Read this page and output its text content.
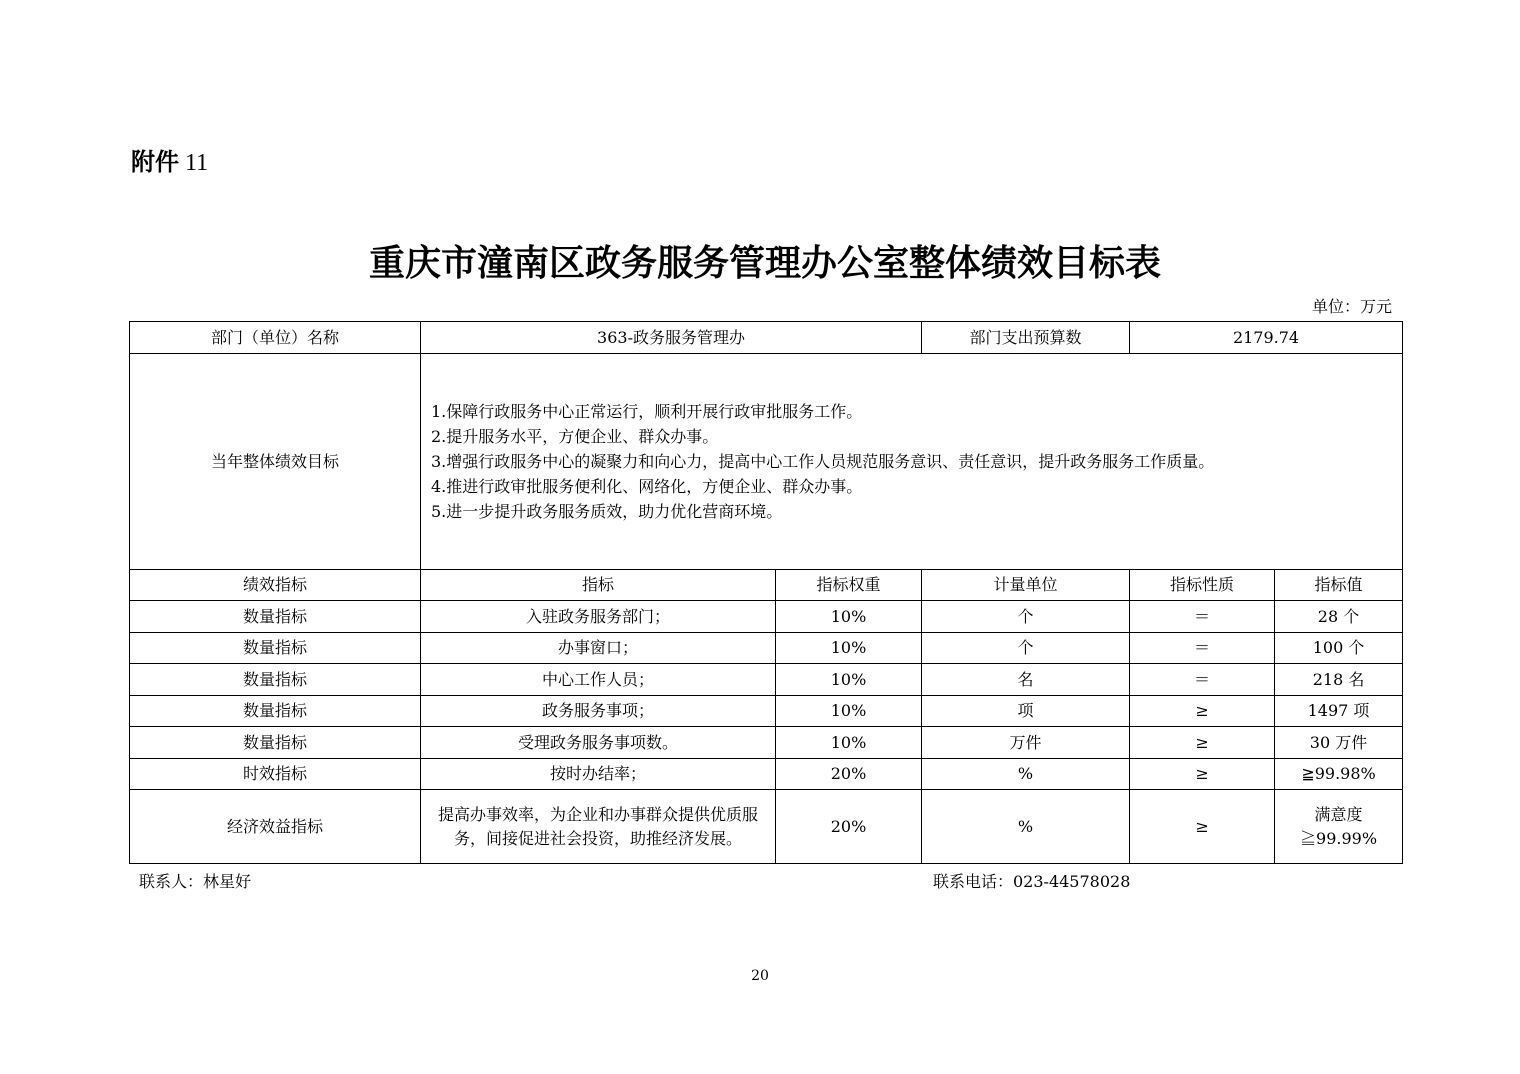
附件 11
重庆市潼南区政务服务管理办公室整体绩效目标表
单位：万元
部门（单位）名称	363-政务服务管理办		部门支出预算数	2179.74	
当年整体绩效目标	1.保障行政服务中心正常运行，顺利开展行政审批服务工作。
2.提升服务水平，方便企业、群众办事。
3.增强行政服务中心的凝聚力和向心力，提高中心工作人员规范服务意识、责任意识，提升政务服务工作质量。
4.推进行政审批服务便利化、网络化，方便企业、群众办事。
5.进一步提升政务服务质效，助力优化营商环境。				

绩效指标	指标	指标权重	计量单位	指标性质	指标值
数量指标	入驻政务服务部门；	10%	个	＝	28 个
数量指标	办事窗口；	10%	个	＝	100 个
数量指标	中心工作人员；	10%	名	＝	218 名
数量指标	政务服务事项；	10%	项	≥	1497 项
数量指标	受理政务服务事项数。	10%	万件	≥	30 万件
时效指标	按时办结率；	20%	%	≥	≧99.98%
经济效益指标	提高办事效率，为企业和办事群众提供优质服务，间接促进社会投资，助推经济发展。	20%	%	≥	满意度≧99.99%
联系人：林星好	联系电话：023-44578028
20
